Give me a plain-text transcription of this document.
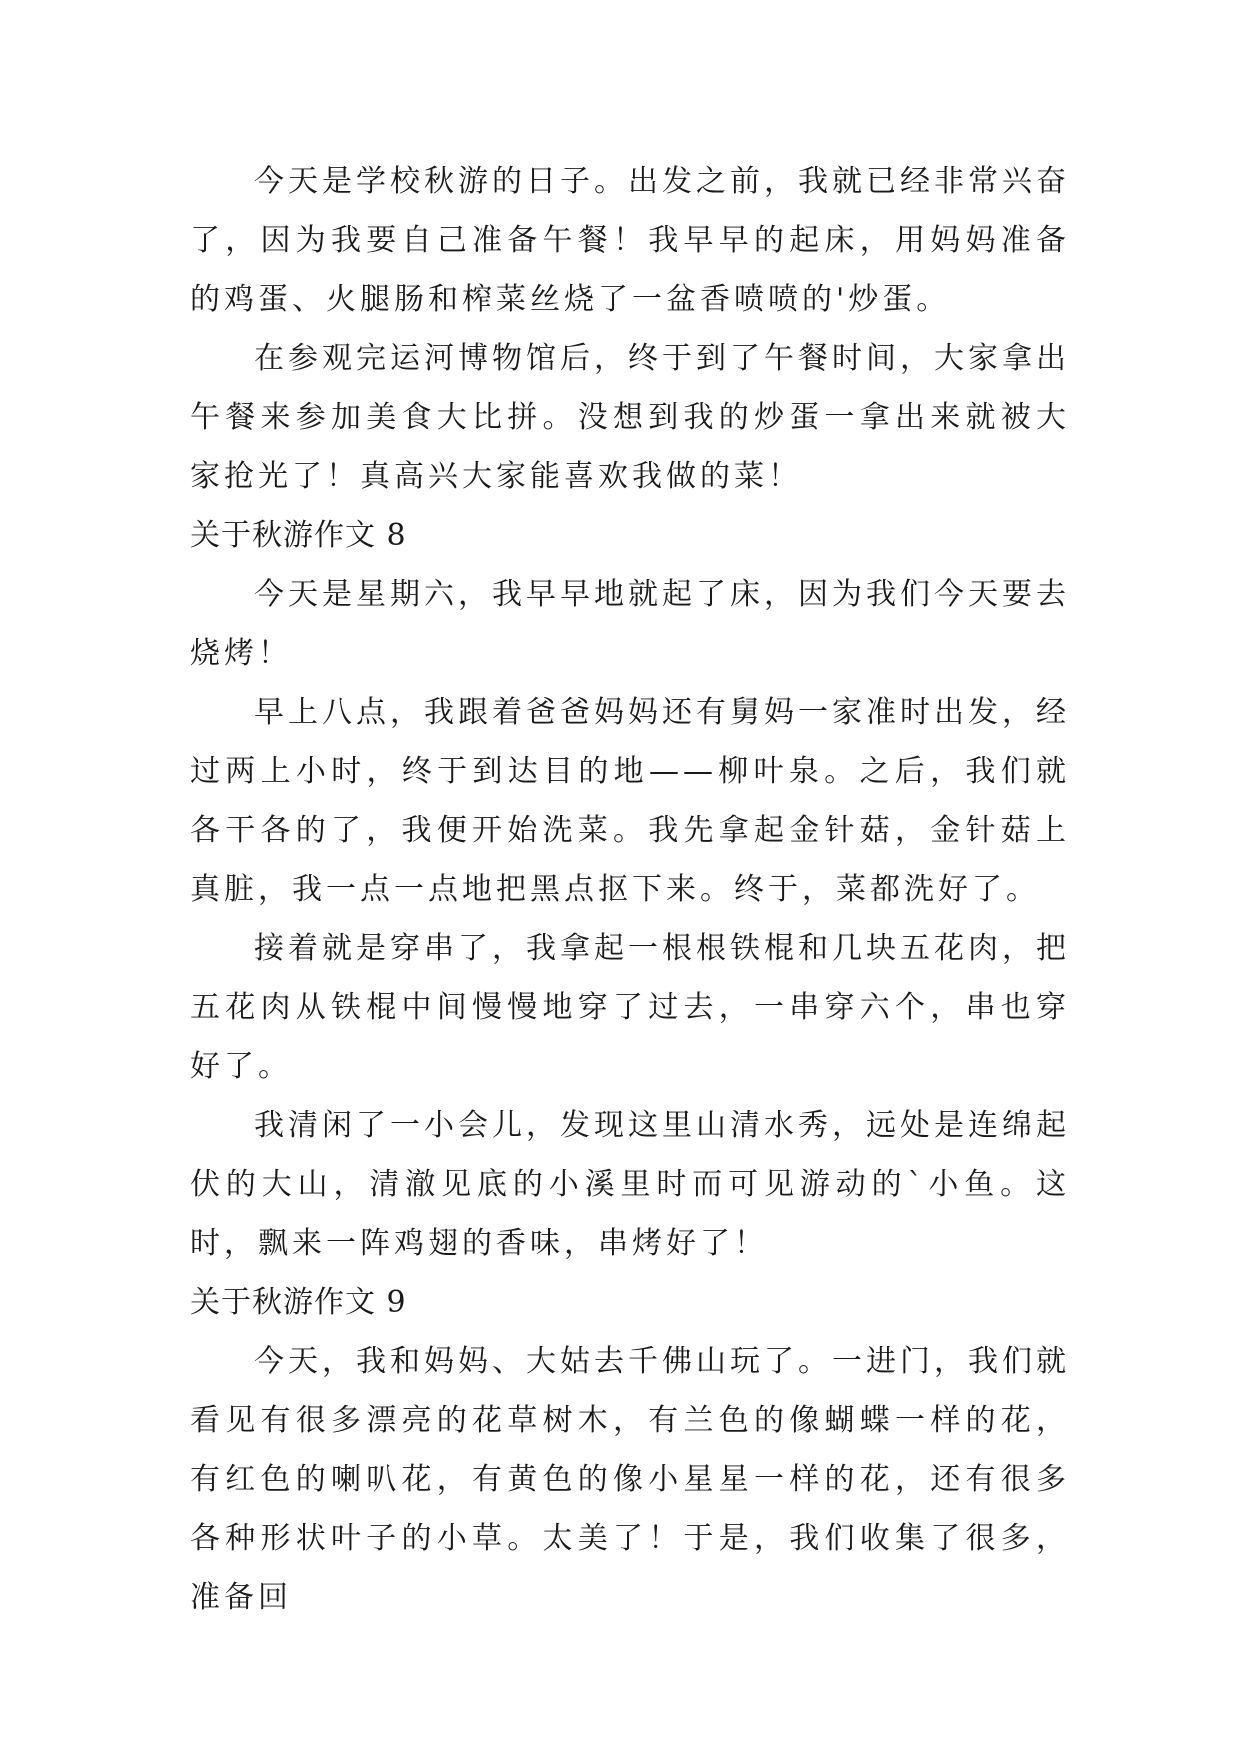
今天是学校秋游的日子。出发之前，我就已经非常兴奋了，因为我要自己准备午餐！我早早的起床，用妈妈准备的鸡蛋、火腿肠和榨菜丝烧了一盆香喷喷的'炒蛋。

在参观完运河博物馆后，终于到了午餐时间，大家拿出午餐来参加美食大比拼。没想到我的炒蛋一拿出来就被大家抢光了！真高兴大家能喜欢我做的菜！

关于秋游作文 8

今天是星期六，我早早地就起了床，因为我们今天要去烧烤！

早上八点，我跟着爸爸妈妈还有舅妈一家准时出发，经过两上小时，终于到达目的地——柳叶泉。之后，我们就各干各的了，我便开始洗菜。我先拿起金针菇，金针菇上真脏，我一点一点地把黑点抠下来。终于，菜都洗好了。

接着就是穿串了，我拿起一根根铁棍和几块五花肉，把五花肉从铁棍中间慢慢地穿了过去，一串穿六个，串也穿好了。

我清闲了一小会儿，发现这里山清水秀，远处是连绵起伏的大山，清澈见底的小溪里时而可见游动的`小鱼。这时，飘来一阵鸡翅的香味，串烤好了！

关于秋游作文 9

今天，我和妈妈、大姑去千佛山玩了。一进门，我们就看见有很多漂亮的花草树木，有兰色的像蝴蝶一样的花，有红色的喇叭花，有黄色的像小星星一样的花，还有很多各种形状叶子的小草。太美了！于是，我们收集了很多，准备回
